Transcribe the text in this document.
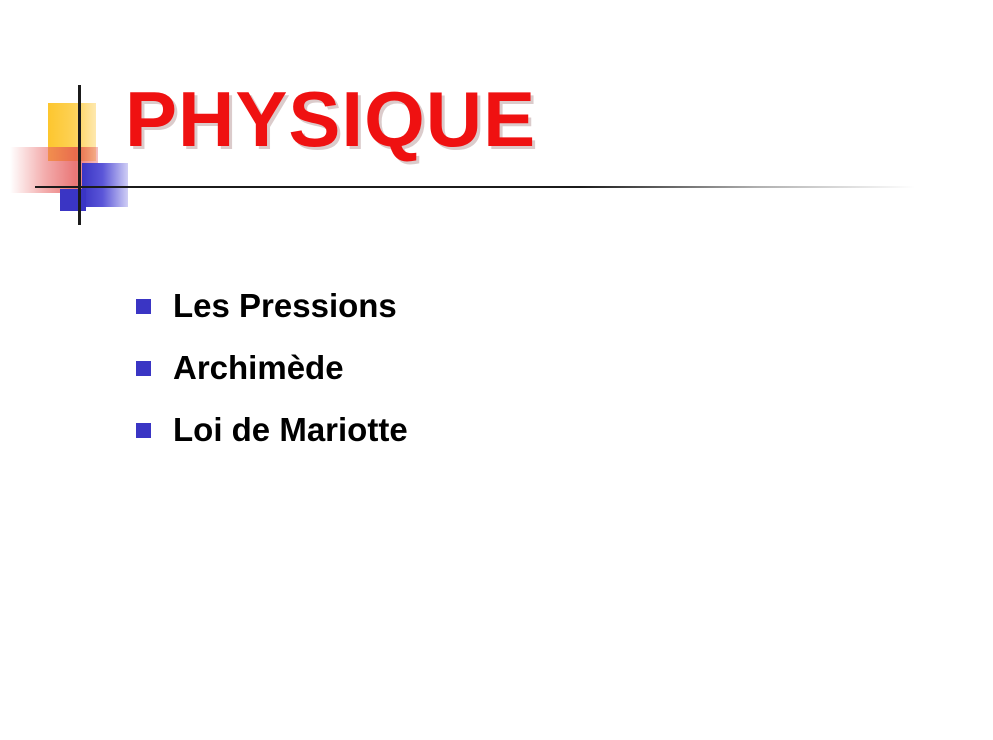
PHYSIQUE
Les Pressions
Archimède
Loi de Mariotte
